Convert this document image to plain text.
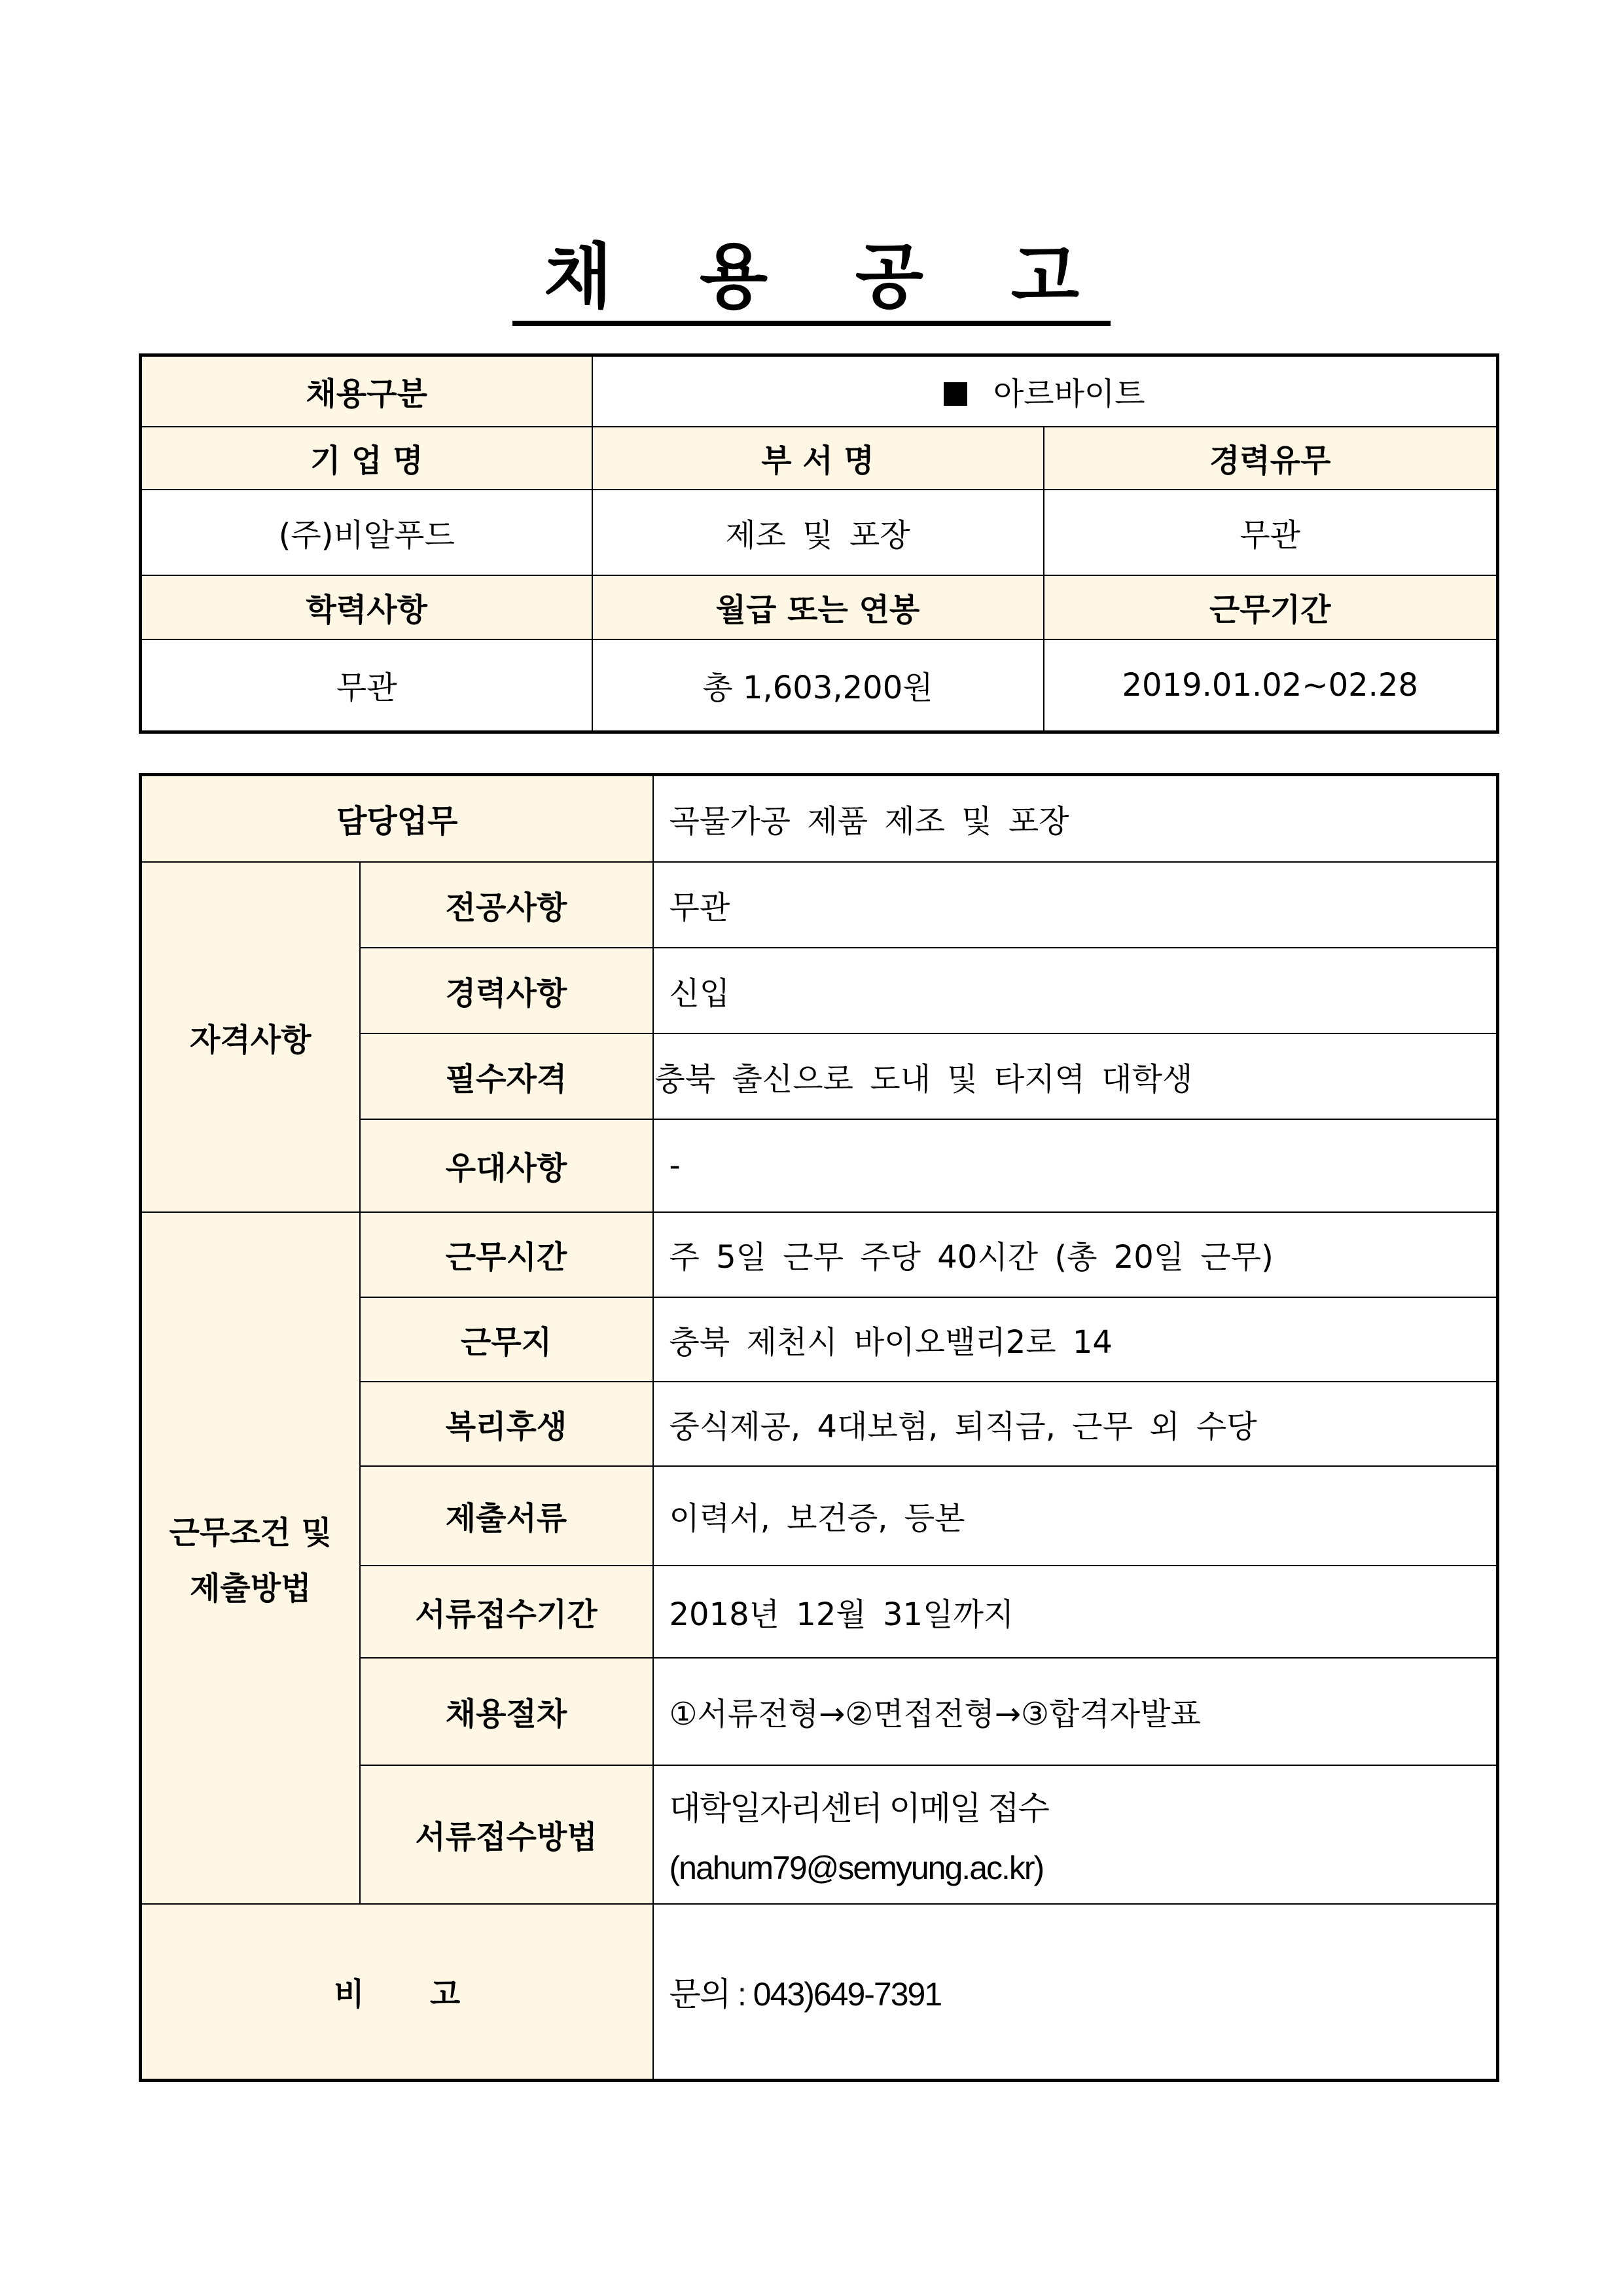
채 용 공 고
채용구분	아르바이트	
기 업 명	부 서 명	경력유무
(주)비알푸드	제조 및 포장	무관
학력사항	월급 또는 연봉	근무기간
무관	총 1,603,200원	2019.01.02~02.28
담당업무		곡물가공 제품 제조 및 포장
자격사항	전공사항	무관
	경력사항	신입
	필수자격	충북 출신으로 도내 및 타지역 대학생
	우대사항	-

근무조건 및
제출방법	근무시간	주 5일 근무 주당 40시간 (총 20일 근무)
	근무지	충북 제천시 바이오밸리2로 14
	복리후생	중식제공, 4대보험, 퇴직금, 근무 외 수당
	제출서류	이력서, 보건증, 등본
	서류접수기간	2018년 12월 31일까지
	채용절차	①서류전형→②면접전형→③합격자발표
	서류접수방법	대학일자리센터 이메일 접수
(nahum79@semyung.ac.kr)

비      고		문의 : 043)649-7391
